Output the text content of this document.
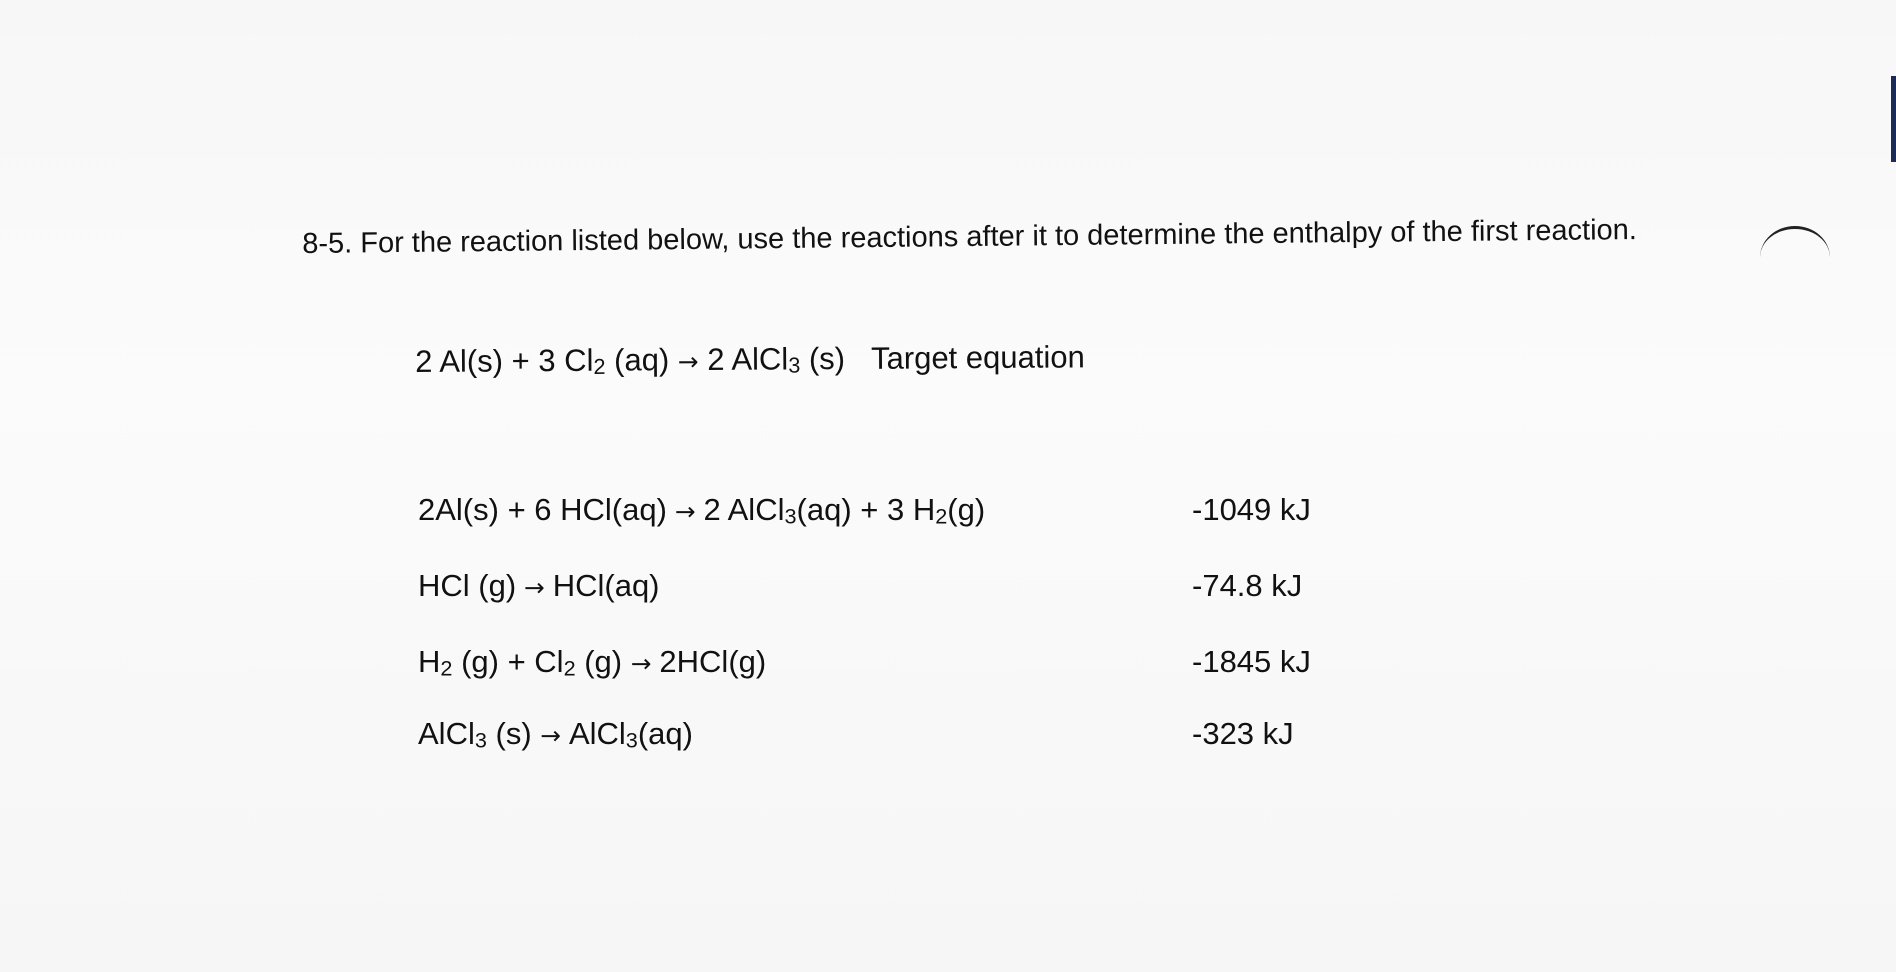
8-5. For the reaction listed below, use the reactions after it to determine the enthalpy of the first reaction.
2 Al(s) + 3 $Cl_2$ (aq) → 2 AlCl$_3$ (s) Target equation
2Al(s) + 6 HCl(aq) → 2 AlCl$_3$(aq) + 3 $H_2(g)$	-1049 kJ
HCl (g) → HCl(aq)	-74.8 kJ
$H_2$ $(g) + Cl_2$ (g) → 2HCl(g)	-1845 kJ
AlCl$_3$ (s) → AlCl$_3$(aq)	-323 kJ
